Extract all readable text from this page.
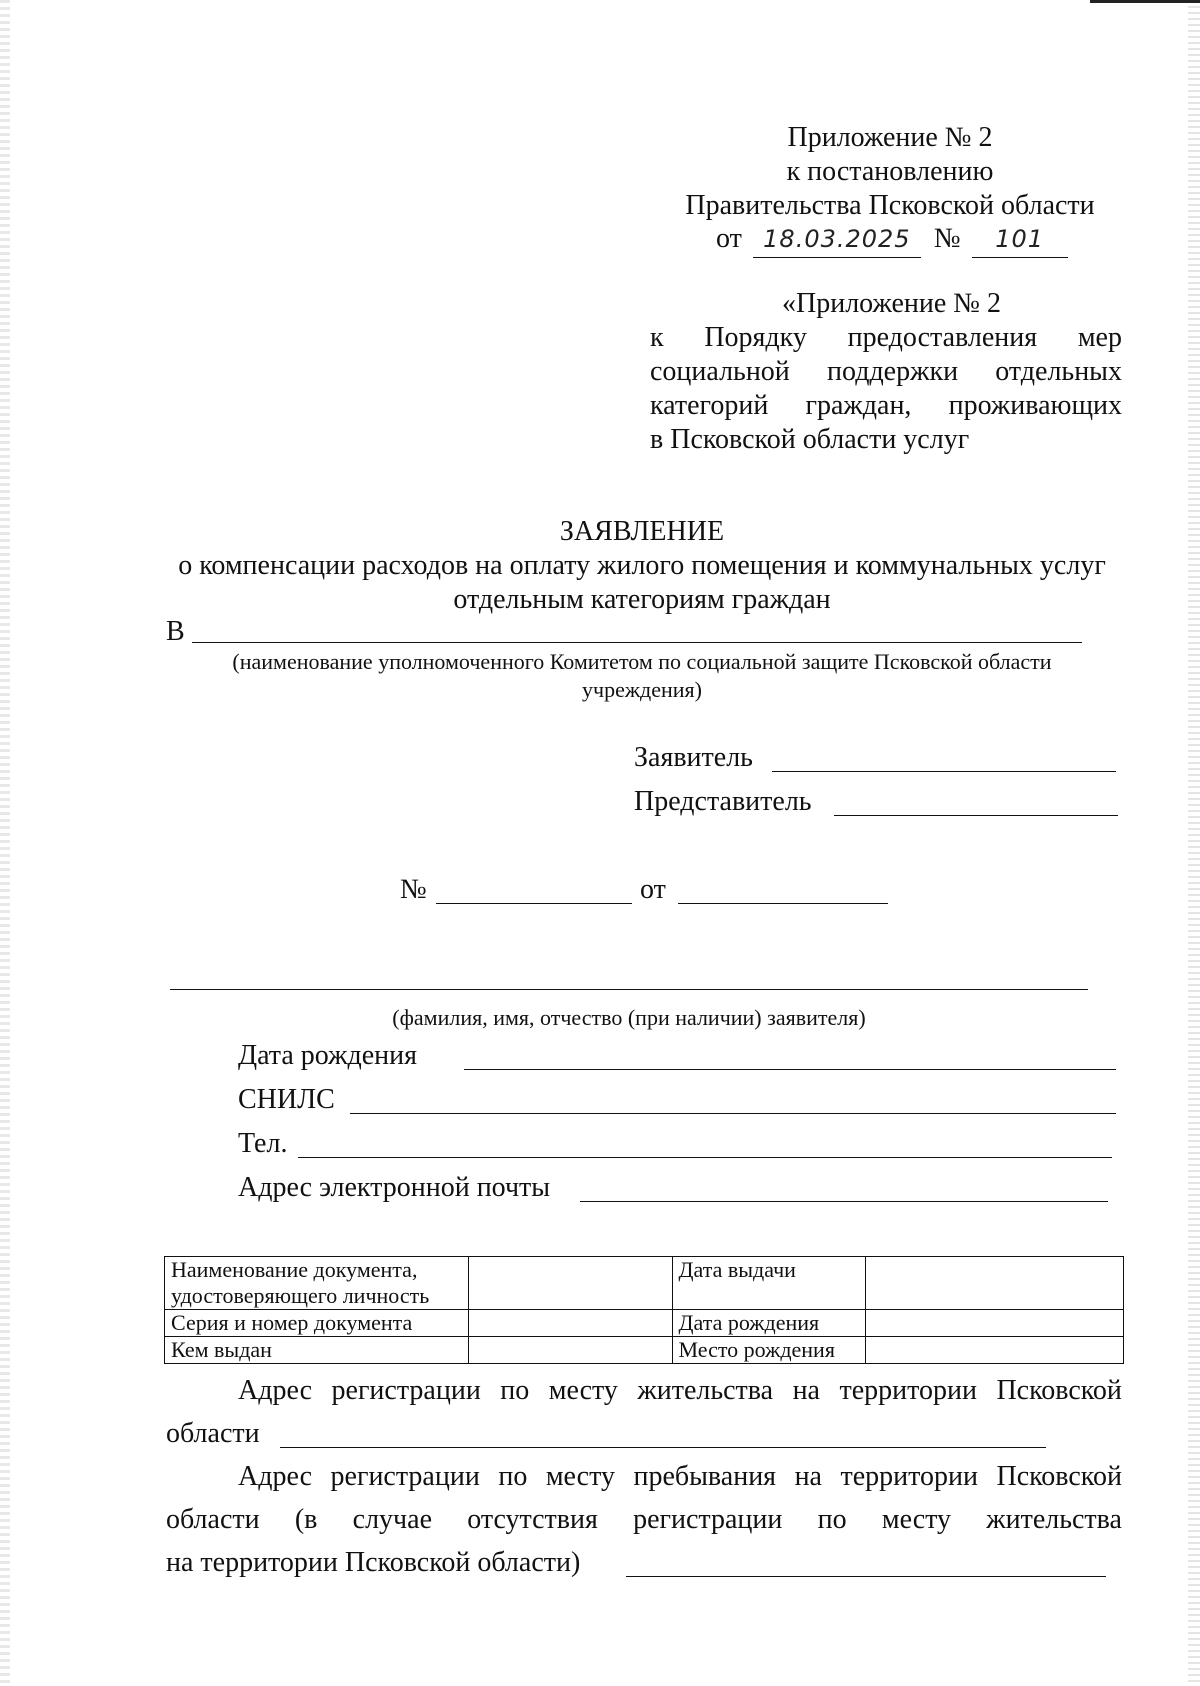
Приложение № 2
к постановлению
Правительства Псковской области
от 18.03.2025 № 101
«Приложение № 2
к Порядку предоставления мер
социальной поддержки отдельных
категорий граждан, проживающих
в Псковской области услуг
ЗАЯВЛЕНИЕ
о компенсации расходов на оплату жилого помещения и коммунальных услуг
отдельным категориям граждан
В
(наименование уполномоченного Комитетом по социальной защите Псковской области
учреждения)
Заявитель
Представитель
№	от
(фамилия, имя, отчество (при наличии) заявителя)
Дата рождения
СНИЛС
Тел.
Адрес электронной почты
Наименование документа,
удостоверяющего личность		Дата выдачи	
Серия и номер документа		Дата рождения	
Кем выдан		Место рождения	
Адрес регистрации по месту жительства на территории Псковской
области
Адрес регистрации по месту пребывания на территории Псковской
области (в случае отсутствия регистрации по месту жительства
на территории Псковской области)
